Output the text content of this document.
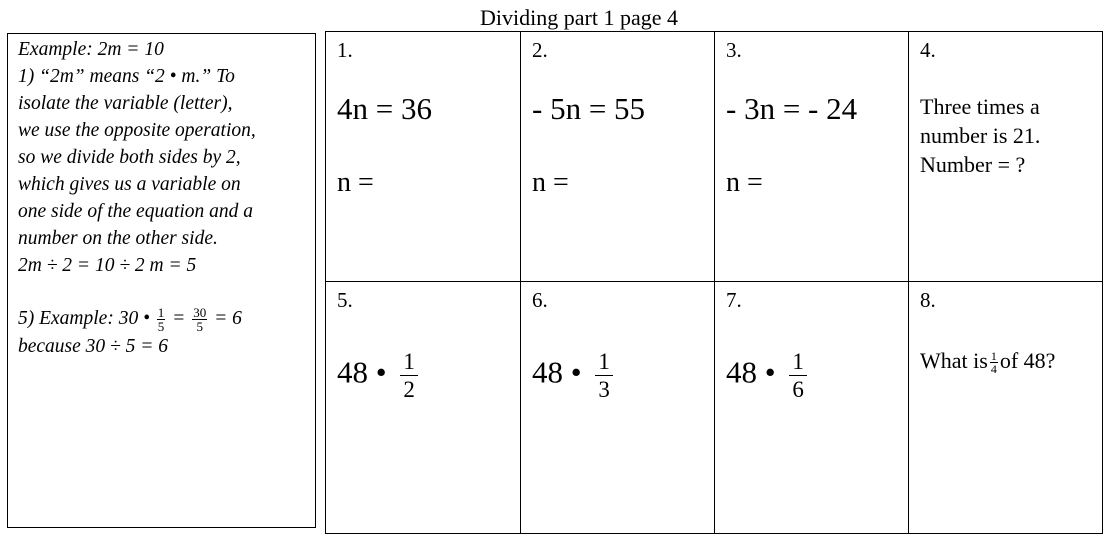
Dividing part 1 page 4
Example: 2m = 10
1) “2m” means “2 • m.” To
isolate the variable (letter),
we use the opposite operation,
so we divide both sides by 2,
which gives us a variable on
one side of the equation and a
number on the other side.
2m ÷ 2 = 10 ÷ 2 m = 5
5) Example: 30 • $\frac{1}{5} = \frac{30}{5} = 6$
because 30 ÷ 5 = 6
1.
4n = 36
n =
2.
- 5n = 55
n =
3.
- 3n = - 24
n =
4.
Three times a
number is 21.
Number = ?
5.
48 • $\frac{1}{2}$
6.
48 • $\frac{1}{3}$
7.
48 • $\frac{1}{6}$
8.
What is $\frac{1}{4}$ of 48?
